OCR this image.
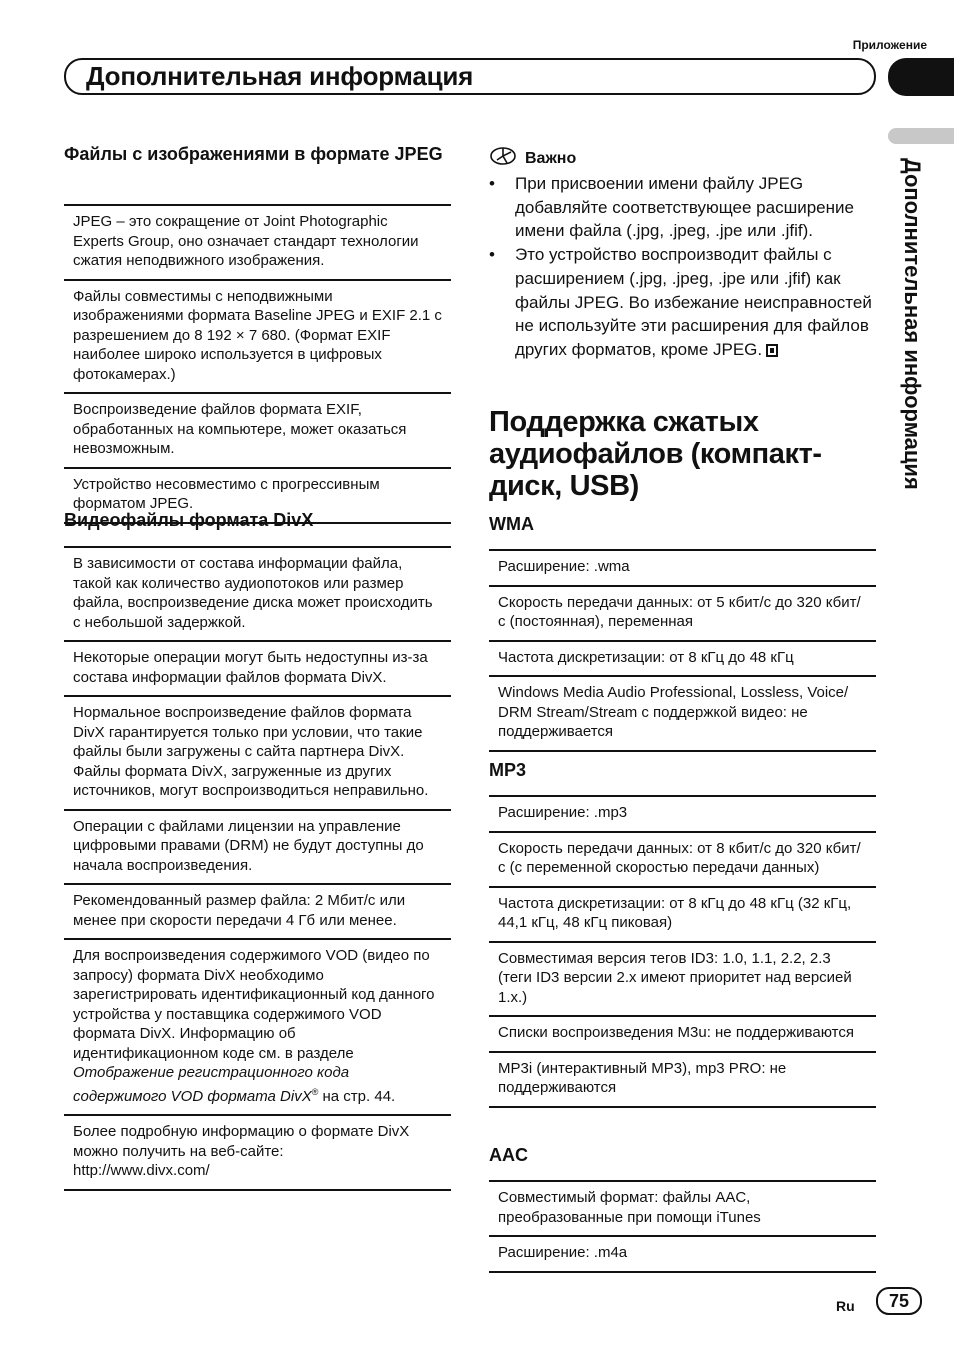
Приложение
Дополнительная информация
Дополнительная информация
Файлы с изображениями в формате JPEG
JPEG – это сокращение от Joint Photographic Experts Group, оно означает стандарт технологии сжатия неподвижного изображения.
Файлы совместимы с неподвижными изображениями формата Baseline JPEG и EXIF 2.1 с разрешением до 8 192 × 7 680. (Формат EXIF наиболее широко используется в цифровых фотокамерах.)
Воспроизведение файлов формата EXIF, обработанных на компьютере, может оказаться невозможным.
Устройство несовместимо с прогрессивным форматом JPEG.
Видеофайлы формата DivX
В зависимости от состава информации файла, такой как количество аудиопотоков или размер файла, воспроизведение диска может происходить с небольшой задержкой.
Некоторые операции могут быть недоступны из-за состава информации файлов формата DivX.
Нормальное воспроизведение файлов формата DivX гарантируется только при условии, что такие файлы были загружены с сайта партнера DivX. Файлы формата DivX, загруженные из других источников, могут воспроизводиться неправильно.
Операции с файлами лицензии на управление цифровыми правами (DRM) не будут доступны до начала воспроизведения.
Рекомендованный размер файла: 2 Мбит/с или менее при скорости передачи 4 Гб или менее.
Для воспроизведения содержимого VOD (видео по запросу) формата DivX необходимо зарегистрировать идентификационный код данного устройства у поставщика содержимого VOD формата DivX. Информацию об идентификационном коде см. в разделе Отображение регистрационного кода содержимого VOD формата DivX® на стр. 44.
Более подробную информацию о формате DivX можно получить на веб-сайте:
http://www.divx.com/
Важно
• При присвоении имени файлу JPEG добавляйте соответствующее расширение имени файла (.jpg, .jpeg, .jpe или .jfif).
• Это устройство воспроизводит файлы с расширением (.jpg, .jpeg, .jpe или .jfif) как файлы JPEG. Во избежание неисправностей не используйте эти расширения для файлов других форматов, кроме JPEG.
Поддержка сжатых аудиофайлов (компакт-диск, USB)
WMA
Расширение: .wma
Скорость передачи данных: от 5 кбит/с до 320 кбит/с (постоянная), переменная
Частота дискретизации: от 8 кГц до 48 кГц
Windows Media Audio Professional, Lossless, Voice/ DRM Stream/Stream с поддержкой видео: не поддерживается
MP3
Расширение: .mp3
Скорость передачи данных: от 8 кбит/с до 320 кбит/с (с переменной скоростью передачи данных)
Частота дискретизации: от 8 кГц до 48 кГц (32 кГц, 44,1 кГц, 48 кГц пиковая)
Совместимая версия тегов ID3: 1.0, 1.1, 2.2, 2.3 (теги ID3 версии 2.x имеют приоритет над версией 1.x.)
Списки воспроизведения M3u: не поддерживаются
MP3i (интерактивный MP3), mp3 PRO: не поддерживаются
AAC
Совместимый формат: файлы AAC, преобразованные при помощи iTunes
Расширение: .m4a
Ru	75
